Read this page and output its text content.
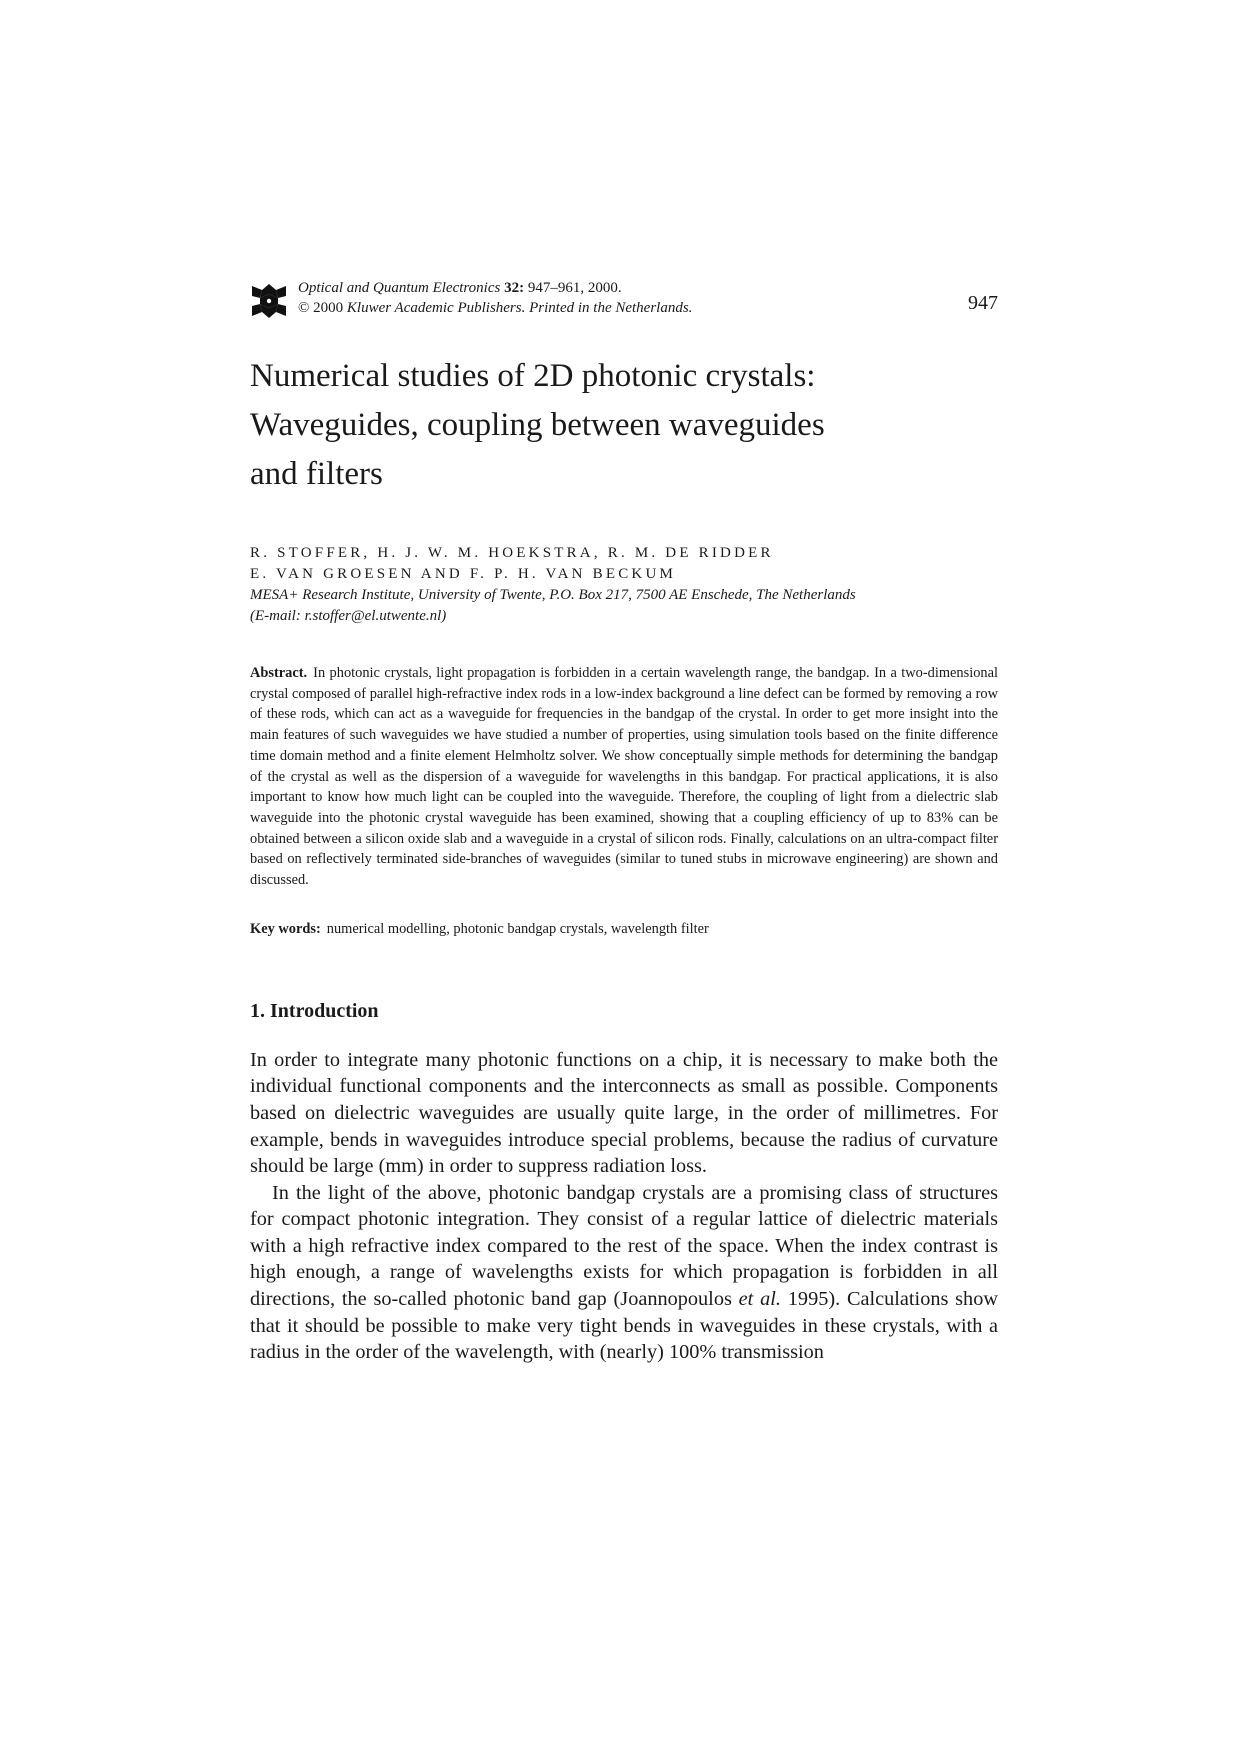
Optical and Quantum Electronics 32: 947–961, 2000.
© 2000 Kluwer Academic Publishers. Printed in the Netherlands.	947
Numerical studies of 2D photonic crystals:
Waveguides, coupling between waveguides
and filters
R. STOFFER, H. J. W. M. HOEKSTRA, R. M. DE RIDDER
E. VAN GROESEN AND F. P. H. VAN BECKUM
MESA+ Research Institute, University of Twente, P.O. Box 217, 7500 AE Enschede, The Netherlands
(E-mail: r.stoffer@el.utwente.nl)
Abstract. In photonic crystals, light propagation is forbidden in a certain wavelength range, the bandgap. In a two-dimensional crystal composed of parallel high-refractive index rods in a low-index background a line defect can be formed by removing a row of these rods, which can act as a waveguide for frequencies in the bandgap of the crystal. In order to get more insight into the main features of such waveguides we have studied a number of properties, using simulation tools based on the finite difference time domain method and a finite element Helmholtz solver. We show conceptually simple methods for determining the bandgap of the crystal as well as the dispersion of a waveguide for wavelengths in this bandgap. For practical applications, it is also important to know how much light can be coupled into the waveguide. Therefore, the coupling of light from a dielectric slab waveguide into the photonic crystal waveguide has been examined, showing that a coupling efficiency of up to 83% can be obtained between a silicon oxide slab and a waveguide in a crystal of silicon rods. Finally, calculations on an ultra-compact filter based on reflectively terminated side-branches of waveguides (similar to tuned stubs in microwave engineering) are shown and discussed.
Key words: numerical modelling, photonic bandgap crystals, wavelength filter
1. Introduction

In order to integrate many photonic functions on a chip, it is necessary to make both the individual functional components and the interconnects as small as possible. Components based on dielectric waveguides are usually quite large, in the order of millimetres. For example, bends in waveguides introduce special problems, because the radius of curvature should be large (mm) in order to suppress radiation loss.

In the light of the above, photonic bandgap crystals are a promising class of structures for compact photonic integration. They consist of a regular lattice of dielectric materials with a high refractive index compared to the rest of the space. When the index contrast is high enough, a range of wavelengths exists for which propagation is forbidden in all directions, the so-called photonic band gap (Joannopoulos et al. 1995). Calculations show that it should be possible to make very tight bends in waveguides in these crystals, with a radius in the order of the wavelength, with (nearly) 100% transmission
